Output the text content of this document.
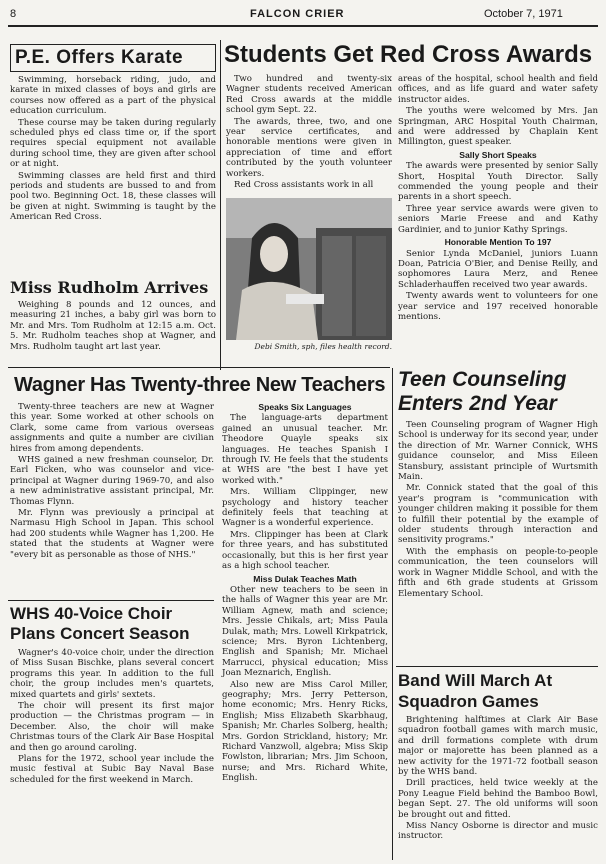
8	FALCON CRIER	October 7, 1971
P.E. Offers Karate

Swimming, horseback riding, judo, and karate in mixed classes of boys and girls are courses now offered as a part of the physical education curriculum.

These course may be taken during regularly scheduled phys ed class time or, if the sport requires special equipment not available during school time, they are given after school or at night.

Swimming classes are held first and third periods and students are bussed to and from pool two. Beginning Oct. 18, these classes will be given at night. Swimming is taught by the American Red Cross.

Miss Rudholm Arrives

Weighing 8 pounds and 12 ounces, and measuring 21 inches, a baby girl was born to Mr. and Mrs. Tom Rudholm at 12:15 a.m. Oct. 5. Mr. Rudholm teaches shop at Wagner, and Mrs. Rudholm taught art last year.

Students Get Red Cross Awards

Two hundred and twenty-six Wagner students received American Red Cross awards at the middle school gym Sept. 22.

The awards, three, two, and one year service certificates, and honorable mentions were given in appreciation of time and effort contributed by the youth volunteer workers.

Red Cross assistants work in all

Debi Smith, sph, files health record.

areas of the hospital, school health and field offices, and as life guard and water safety instructor aides.

The youths were welcomed by Mrs. Jan Springman, ARC Hospital Youth Chairman, and were addressed by Chaplain Kent Millington, guest speaker.

Sally Short Speaks

The awards were presented by senior Sally Short, Hospital Youth Director. Sally commended the young people and their parents in a short speech.

Three year service awards were given to seniors Marie Freese and and Kathy Gardinier, and to junior Kathy Springs.

Honorable Mention To 197

Senior Lynda McDaniel, juniors Luann Doan, Patricia O'Bier, and Denise Reilly, and sophomores Laura Merz, and Renee Schladerhauffen received two year awards.

Twenty awards went to volunteers for one year service and 197 received honorable mentions.

Wagner Has Twenty-three New Teachers

Twenty-three teachers are new at Wagner this year. Some worked at other schools on Clark, some came from various overseas assignments and quite a number are civilian hires from among dependents.

WHS gained a new freshman counselor, Dr. Earl Ficken, who was counselor and vice-principal at Wagner during 1969-70, and also a new administrative assistant principal, Mr. Thomas Flynn.

Mr. Flynn was previously a principal at Narmasu High School in Japan. This school had 200 students while Wagner has 1,200. He stated that the students at Wagner were "every bit as personable as those of NHS."

Speaks Six Languages

The language-arts department gained an unusual teacher. Mr. Theodore Quayle speaks six languages. He teaches Spanish I through IV. He feels that the students at WHS are "the best I have yet worked with."

Mrs. William Clippinger, new psychology and history teacher definitely feels that teaching at Wagner is a wonderful experience.

Mrs. Clippinger has been at Clark for three years, and has substituted occasionally, but this is her first year as a high school teacher.

Miss Dulak Teaches Math

Other new teachers to be seen in the halls of Wagner this year are Mr. William Agnew, math and science; Mrs. Jessie Chikals, art; Miss Paula Dulak, math; Mrs. Lowell Kirkpatrick, science; Mrs. Byron Lichtenberg, English and Spanish; Mr. Michael Marrucci, physical education; Miss Joan Meznarich, English.

Also new are Miss Carol Miller, geography; Mrs. Jerry Petterson, home economic; Mrs. Henry Ricks, English; Miss Elizabeth Skarbhaug, Spanish; Mr. Charles Solberg, health; Mrs. Gordon Strickland, history; Mr. Richard Vanzwoll, algebra; Miss Skip Fowlston, librarian; Mrs. Jim Schoon, nurse; and Mrs. Richard White, English.

WHS 40-Voice Choir Plans Concert Season

Wagner's 40-voice choir, under the direction of Miss Susan Bischke, plans several concert programs this year. In addition to the full choir, the group includes men's quartets, mixed quartets and girls' sextets.

The choir will present its first major production — the Christmas program — in December. Also, the choir will make Christmas tours of the Clark Air Base Hospital and then go around caroling.

Plans for the 1972, school year include the music festival at Subic Bay Naval Base scheduled for the first weekend in March.

Teen Counseling Enters 2nd Year

Teen Counseling program of Wagner High School is underway for its second year, under the direction of Mr. Warner Connick, WHS guidance counselor, and Miss Eileen Stansbury, assistant principle of Wurtsmith Main.

Mr. Connick stated that the goal of this year's program is "communication with younger children making it possible for them to fulfill their potential by the example of older students through interaction and sensitivity programs."

With the emphasis on people-to-people communication, the teen counselors will work in Wagner Middle School, and with the fifth and 6th grade students at Grissom Elementary School.

Band Will March At Squadron Games

Brightening halftimes at Clark Air Base squadron football games with march music, and drill formations complete with drum major or majorette has been planned as a new activity for the 1971-72 football season by the WHS band.

Drill practices, held twice weekly at the Pony League Field behind the Bamboo Bowl, began Sept. 27. The old uniforms will soon be brought out and fitted.

Miss Nancy Osborne is director and music instructor.
